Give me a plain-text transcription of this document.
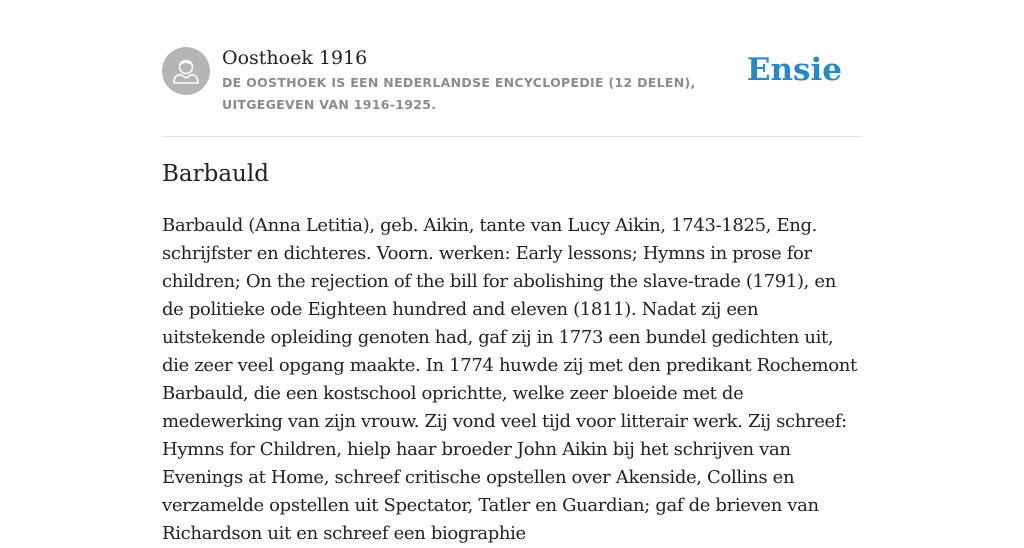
Oosthoek 1916
DE OOSTHOEK IS EEN NEDERLANDSE ENCYCLOPEDIE (12 DELEN), UITGEGEVEN VAN 1916-1925.
Ensie
Barbauld

Barbauld (Anna Letitia), geb. Aikin, tante van Lucy Aikin, 1743-1825, Eng. schrijfster en dichteres. Voorn. werken: Early lessons; Hymns in prose for children; On the rejection of the bill for abolishing the slave-trade (1791), en de politieke ode Eighteen hundred and eleven (1811). Nadat zij een uitstekende opleiding genoten had, gaf zij in 1773 een bundel gedichten uit, die zeer veel opgang maakte. In 1774 huwde zij met den predikant Rochemont Barbauld, die een kostschool oprichtte, welke zeer bloeide met de medewerking van zijn vrouw. Zij vond veel tijd voor litterair werk. Zij schreef: Hymns for Children, hielp haar broeder John Aikin bij het schrijven van Evenings at Home, schreef critische opstellen over Akenside, Collins en verzamelde opstellen uit Spectator, Tatler en Guardian; gaf de brieven van Richardson uit en schreef een biographie
